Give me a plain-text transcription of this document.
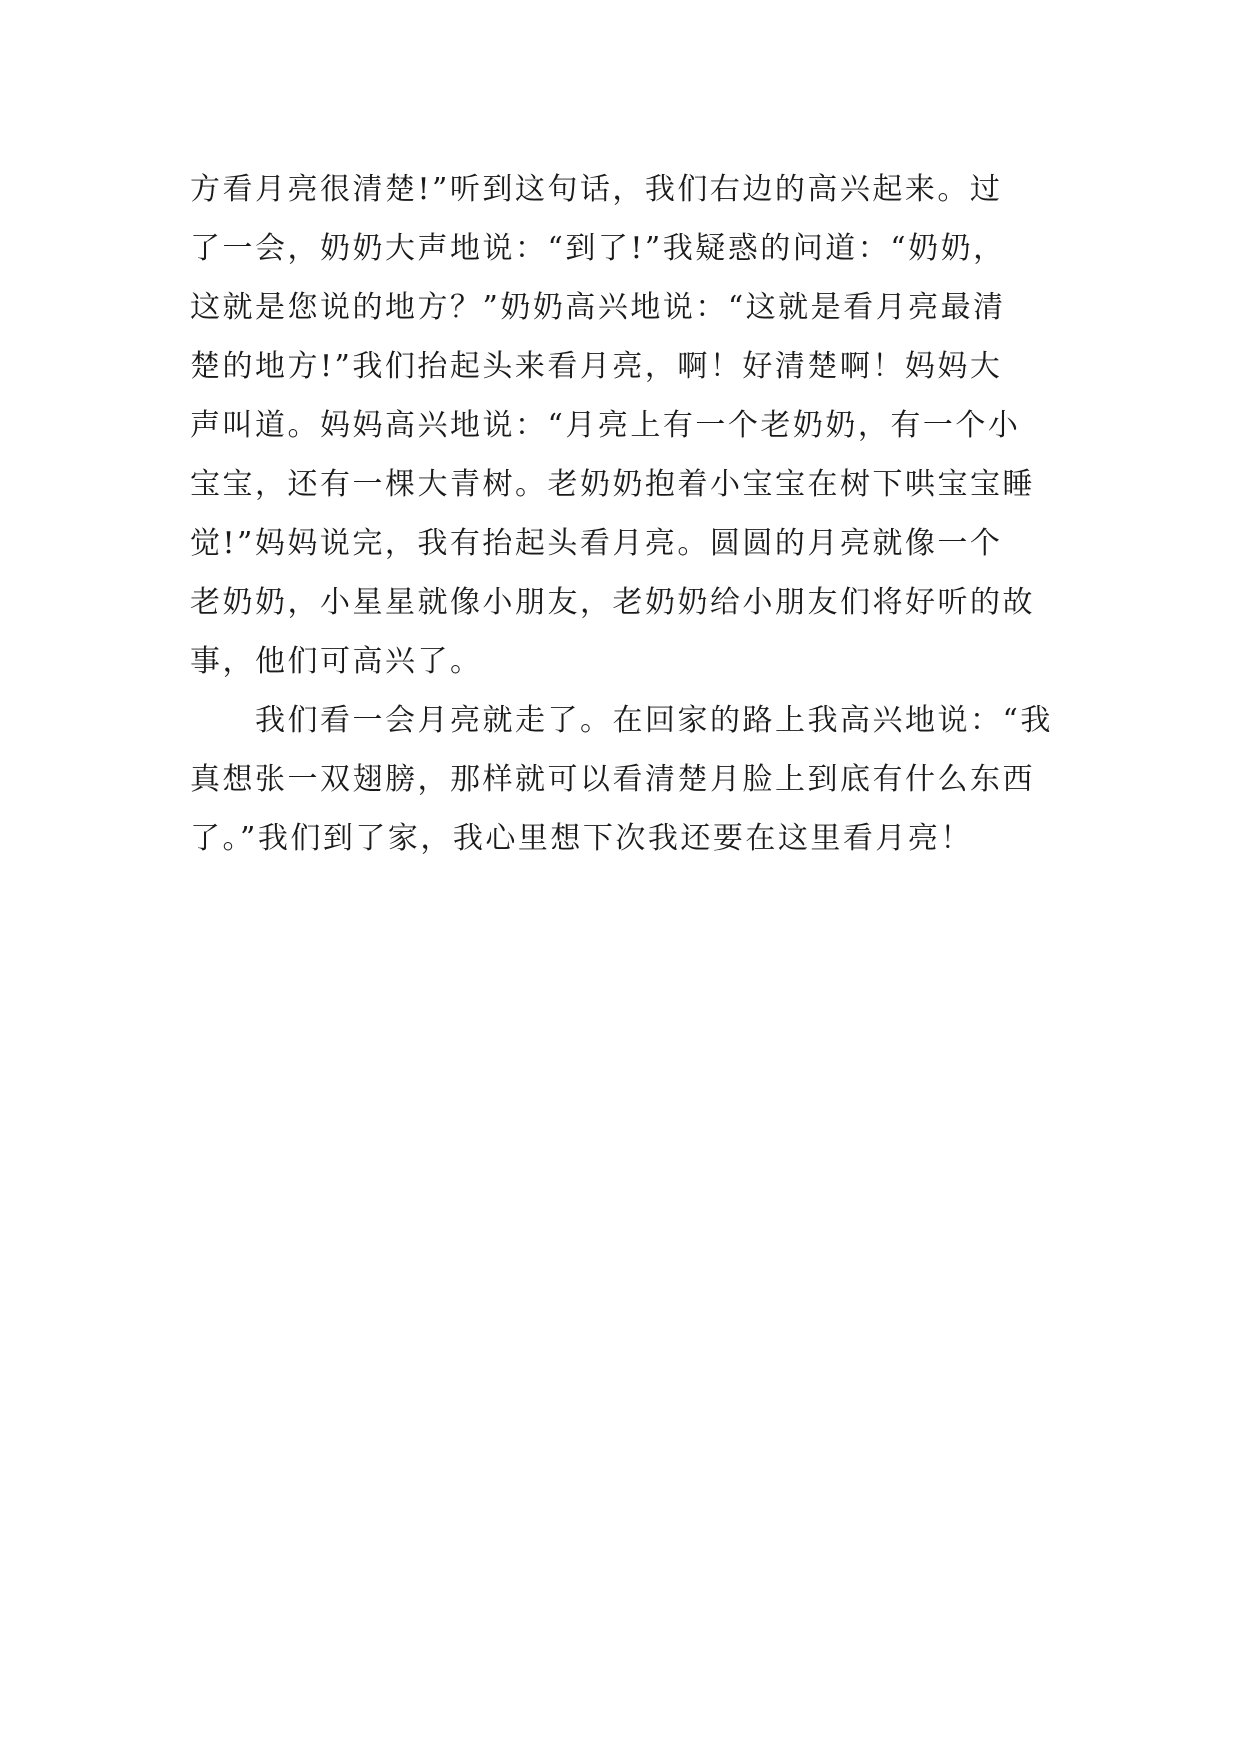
方看月亮很清楚!”听到这句话，我们右边的高兴起来。过
了一会，奶奶大声地说：“到了!”我疑惑的问道：“奶奶，
这就是您说的地方？”奶奶高兴地说：“这就是看月亮最清
楚的地方!”我们抬起头来看月亮，啊！好清楚啊！妈妈大
声叫道。妈妈高兴地说：“月亮上有一个老奶奶，有一个小
宝宝，还有一棵大青树。老奶奶抱着小宝宝在树下哄宝宝睡
觉!”妈妈说完，我有抬起头看月亮。圆圆的月亮就像一个
老奶奶，小星星就像小朋友，老奶奶给小朋友们将好听的故
事，他们可高兴了。
　　我们看一会月亮就走了。在回家的路上我高兴地说：“我
真想张一双翅膀，那样就可以看清楚月脸上到底有什么东西
了。”我们到了家，我心里想下次我还要在这里看月亮！
